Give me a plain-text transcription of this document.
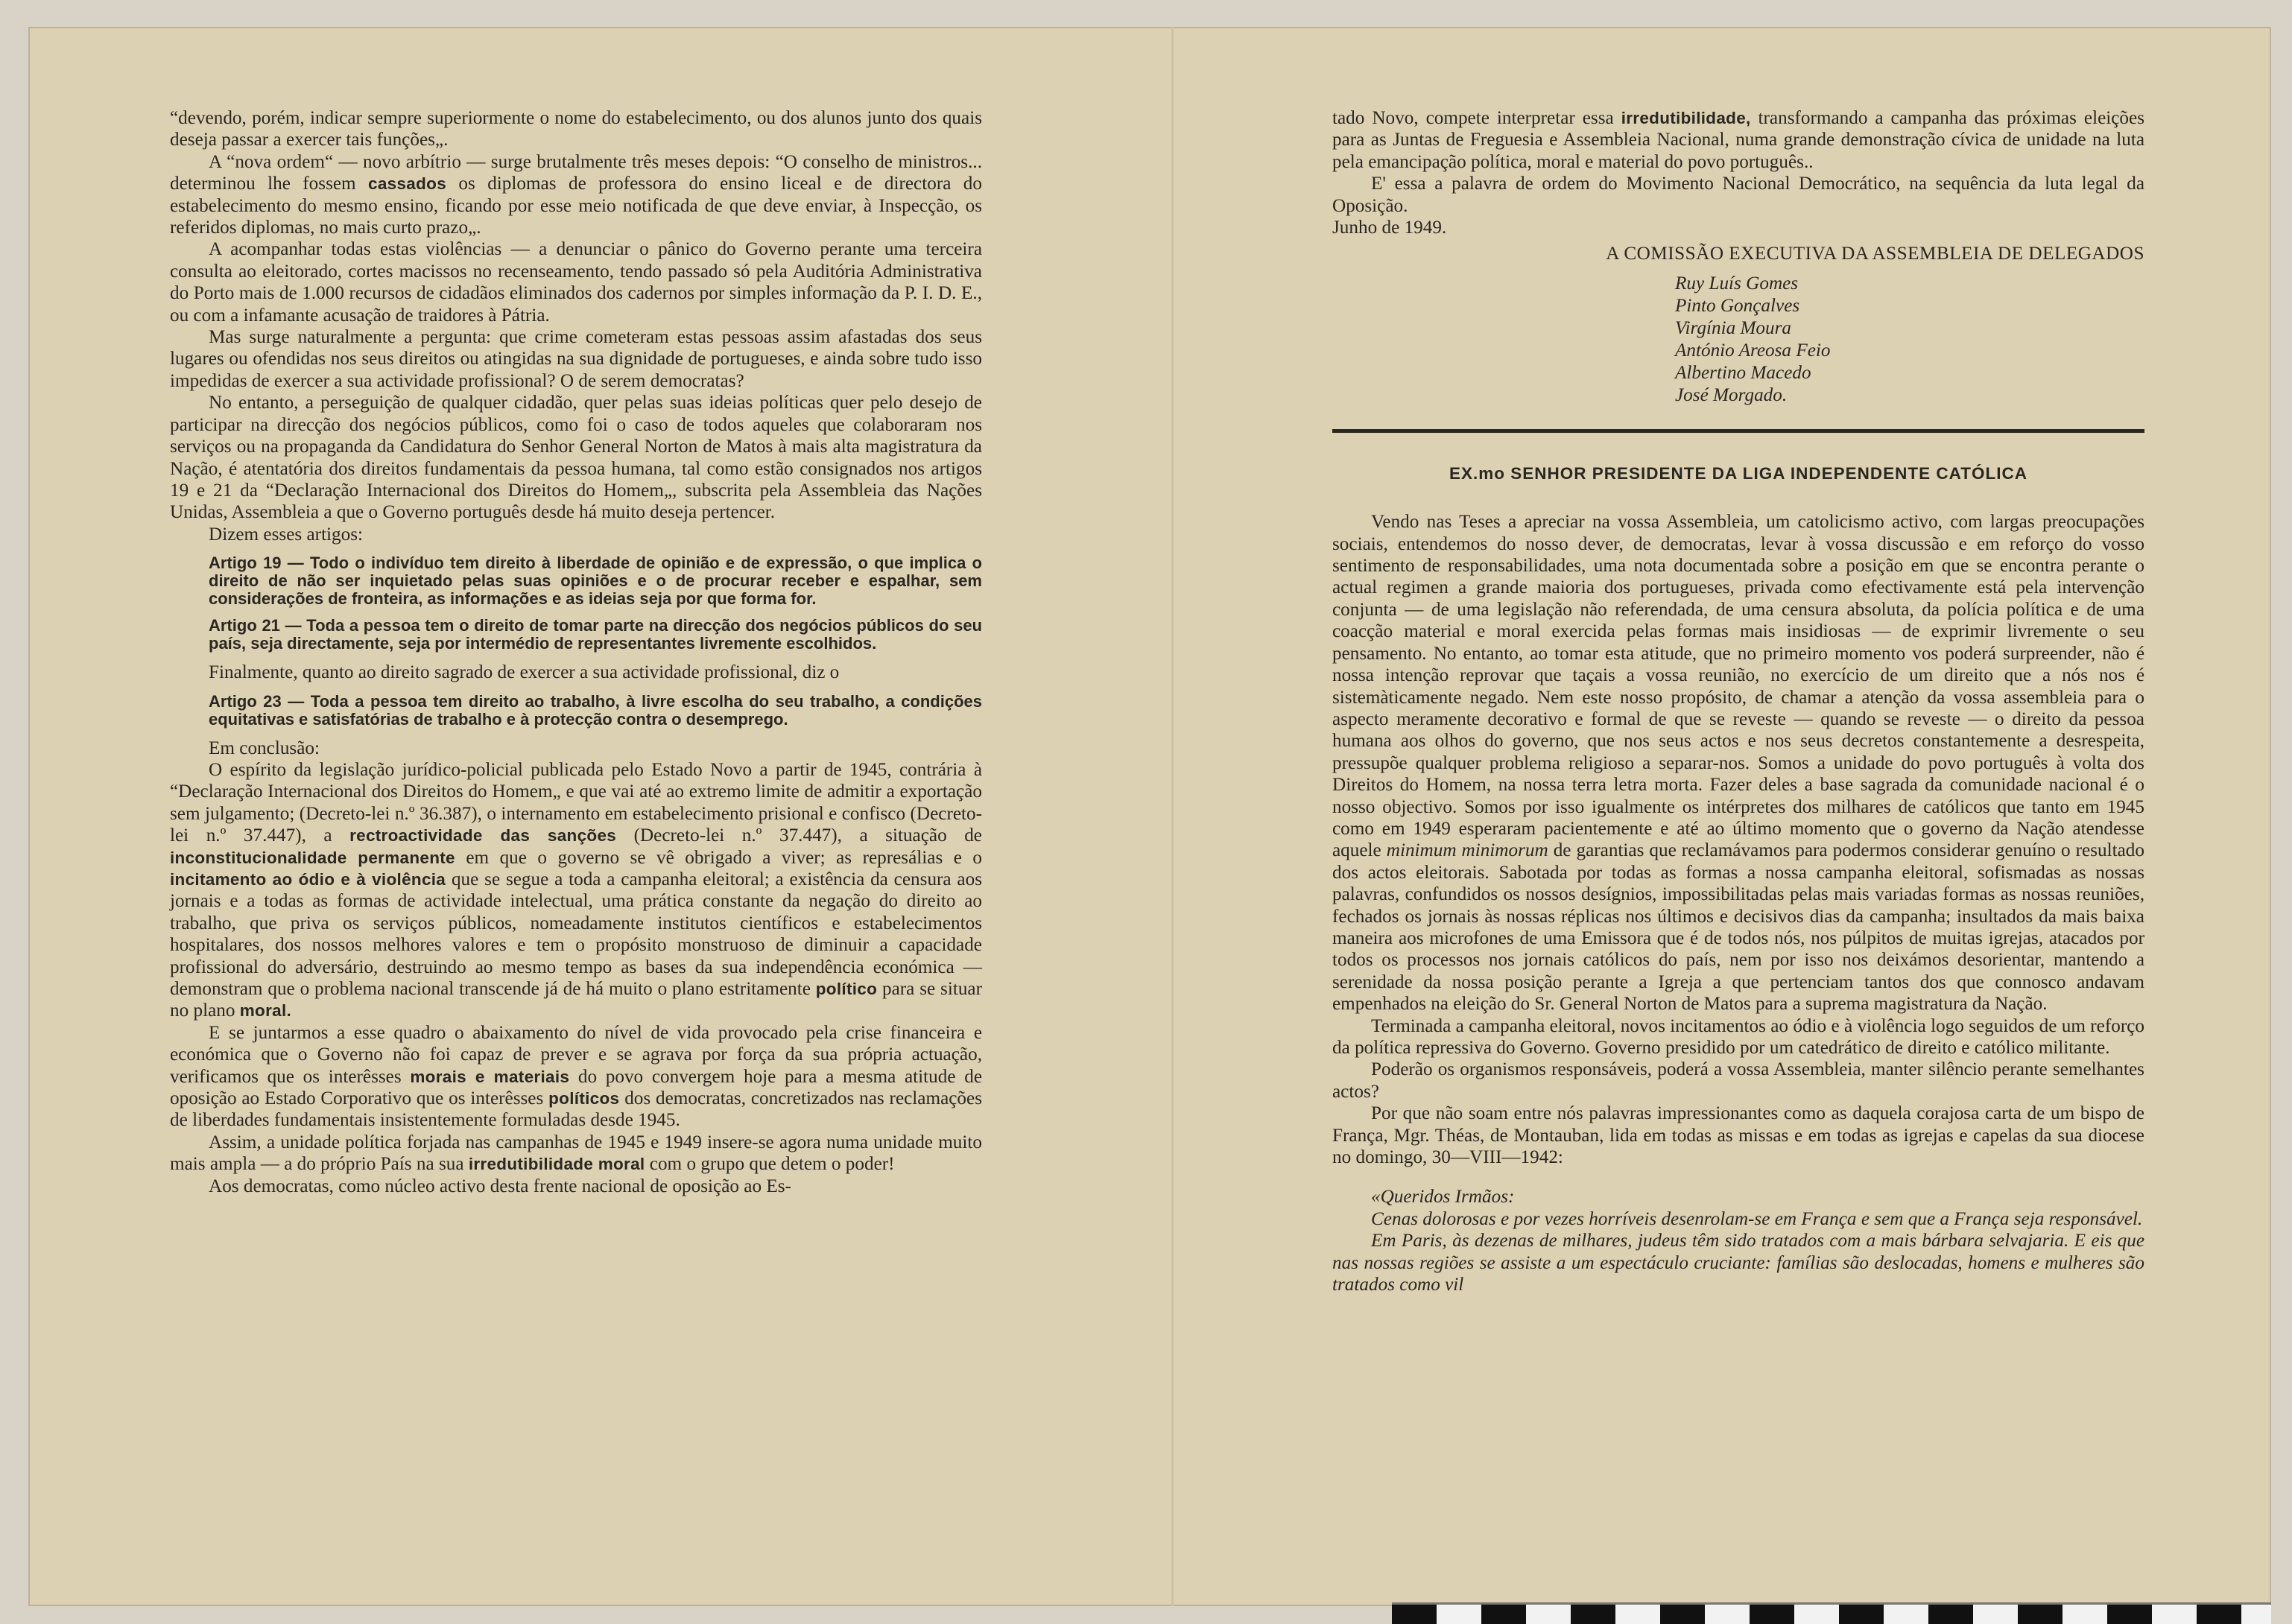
“devendo, porém, indicar sempre superiormente o nome do estabelecimento, ou dos alunos junto dos quais deseja passar a exercer tais funções„.

A “nova ordem“ — novo arbítrio — surge brutalmente três meses depois: “O conselho de ministros... determinou lhe fossem cassados os diplomas de professora do ensino liceal e de directora do estabelecimento do mesmo ensino, ficando por esse meio notificada de que deve enviar, à Inspecção, os referidos diplomas, no mais curto prazo„.

A acompanhar todas estas violências — a denunciar o pânico do Governo perante uma terceira consulta ao eleitorado, cortes macissos no recenseamento, tendo passado só pela Auditória Administrativa do Porto mais de 1.000 recursos de cidadãos eliminados dos cadernos por simples informação da P. I. D. E., ou com a infamante acusação de traidores à Pátria.

Mas surge naturalmente a pergunta: que crime cometeram estas pessoas assim afastadas dos seus lugares ou ofendidas nos seus direitos ou atingidas na sua dignidade de portugueses, e ainda sobre tudo isso impedidas de exercer a sua actividade profissional? O de serem democratas?

No entanto, a perseguição de qualquer cidadão, quer pelas suas ideias políticas quer pelo desejo de participar na direcção dos negócios públicos, como foi o caso de todos aqueles que colaboraram nos serviços ou na propaganda da Candidatura do Senhor General Norton de Matos à mais alta magistratura da Nação, é atentatória dos direitos fundamentais da pessoa humana, tal como estão consignados nos artigos 19 e 21 da “Declaração Internacional dos Direitos do Homem„, subscrita pela Assembleia das Nações Unidas, Assembleia a que o Governo português desde há muito deseja pertencer.

Dizem esses artigos:

Artigo 19 — Todo o indivíduo tem direito à liberdade de opinião e de expressão, o que implica o direito de não ser inquietado pelas suas opiniões e o de procurar receber e espalhar, sem considerações de fronteira, as informações e as ideias seja por que forma for.
Artigo 21 — Toda a pessoa tem o direito de tomar parte na direcção dos negócios públicos do seu país, seja directamente, seja por intermédio de representantes livremente escolhidos.

Finalmente, quanto ao direito sagrado de exercer a sua actividade profissional, diz o

Artigo 23 — Toda a pessoa tem direito ao trabalho, à livre escolha do seu trabalho, a condições equitativas e satisfatórias de trabalho e à protecção contra o desemprego.

Em conclusão:

O espírito da legislação jurídico-policial publicada pelo Estado Novo a partir de 1945, contrária à “Declaração Internacional dos Direitos do Homem„ e que vai até ao extremo limite de admitir a exportação sem julgamento; (Decreto-lei n.º 36.387), o internamento em estabelecimento prisional e confisco (Decreto-lei n.º 37.447), a rectroactividade das sanções (Decreto-lei n.º 37.447), a situação de inconstitucionalidade permanente em que o governo se vê obrigado a viver; as represálias e o incitamento ao ódio e à violência que se segue a toda a campanha eleitoral; a existência da censura aos jornais e a todas as formas de actividade intelectual, uma prática constante da negação do direito ao trabalho, que priva os serviços públicos, nomeadamente institutos científicos e estabelecimentos hospitalares, dos nossos melhores valores e tem o propósito monstruoso de diminuir a capacidade profissional do adversário, destruindo ao mesmo tempo as bases da sua independência económica — demonstram que o problema nacional transcende já de há muito o plano estritamente político para se situar no plano moral.

E se juntarmos a esse quadro o abaixamento do nível de vida provocado pela crise financeira e económica que o Governo não foi capaz de prever e se agrava por força da sua própria actuação, verificamos que os interêsses morais e materiais do povo convergem hoje para a mesma atitude de oposição ao Estado Corporativo que os interêsses políticos dos democratas, concretizados nas reclamações de liberdades fundamentais insistentemente formuladas desde 1945.

Assim, a unidade política forjada nas campanhas de 1945 e 1949 insere-se agora numa unidade muito mais ampla — a do próprio País na sua irredutibilidade moral com o grupo que detem o poder!

Aos democratas, como núcleo activo desta frente nacional de oposição ao Es-

tado Novo, compete interpretar essa irredutibilidade, transformando a campanha das próximas eleições para as Juntas de Freguesia e Assembleia Nacional, numa grande demonstração cívica de unidade na luta pela emancipação política, moral e material do povo português..

E' essa a palavra de ordem do Movimento Nacional Democrático, na sequência da luta legal da Oposição.

Junho de 1949.

A COMISSÃO EXECUTIVA DA ASSEMBLEIA DE DELEGADOS
Ruy Luís Gomes
Pinto Gonçalves
Virgínia Moura
António Areosa Feio
Albertino Macedo
José Morgado.
EX.mo SENHOR PRESIDENTE DA LIGA INDEPENDENTE CATÓLICA

Vendo nas Teses a apreciar na vossa Assembleia, um catolicismo activo, com largas preocupações sociais, entendemos do nosso dever, de democratas, levar à vossa discussão e em reforço do vosso sentimento de responsabilidades, uma nota documentada sobre a posição em que se encontra perante o actual regimen a grande maioria dos portugueses, privada como efectivamente está pela intervenção conjunta — de uma legislação não referendada, de uma censura absoluta, da polícia política e de uma coacção material e moral exercida pelas formas mais insidiosas — de exprimir livremente o seu pensamento. No entanto, ao tomar esta atitude, que no primeiro momento vos poderá surpreender, não é nossa intenção reprovar que taçais a vossa reunião, no exercício de um direito que a nós nos é sistemàticamente negado. Nem este nosso propósito, de chamar a atenção da vossa assembleia para o aspecto meramente decorativo e formal de que se reveste — quando se reveste — o direito da pessoa humana aos olhos do governo, que nos seus actos e nos seus decretos constantemente a desrespeita, pressupõe qualquer problema religioso a separar-nos. Somos a unidade do povo português à volta dos Direitos do Homem, na nossa terra letra morta. Fazer deles a base sagrada da comunidade nacional é o nosso objectivo. Somos por isso igualmente os intérpretes dos milhares de católicos que tanto em 1945 como em 1949 esperaram pacientemente e até ao último momento que o governo da Nação atendesse aquele minimum minimorum de garantias que reclamávamos para podermos considerar genuíno o resultado dos actos eleitorais. Sabotada por todas as formas a nossa campanha eleitoral, sofismadas as nossas palavras, confundidos os nossos desígnios, impossibilitadas pelas mais variadas formas as nossas reuniões, fechados os jornais às nossas réplicas nos últimos e decisivos dias da campanha; insultados da mais baixa maneira aos microfones de uma Emissora que é de todos nós, nos púlpitos de muitas igrejas, atacados por todos os processos nos jornais católicos do país, nem por isso nos deixámos desorientar, mantendo a serenidade da nossa posição perante a Igreja a que pertenciam tantos dos que connosco andavam empenhados na eleição do Sr. General Norton de Matos para a suprema magistratura da Nação.

Terminada a campanha eleitoral, novos incitamentos ao ódio e à violência logo seguidos de um reforço da política repressiva do Governo. Governo presidido por um catedrático de direito e católico militante.

Poderão os organismos responsáveis, poderá a vossa Assembleia, manter silêncio perante semelhantes actos?

Por que não soam entre nós palavras impressionantes como as daquela corajosa carta de um bispo de França, Mgr. Théas, de Montauban, lida em todas as missas e em todas as igrejas e capelas da sua diocese no domingo, 30—VIII—1942:

«Queridos Irmãos:

Cenas dolorosas e por vezes horríveis desenrolam-se em França e sem que a França seja responsável.

Em Paris, às dezenas de milhares, judeus têm sido tratados com a mais bárbara selvajaria. E eis que nas nossas regiões se assiste a um espectáculo cruciante: famílias são deslocadas, homens e mulheres são tratados como vil
